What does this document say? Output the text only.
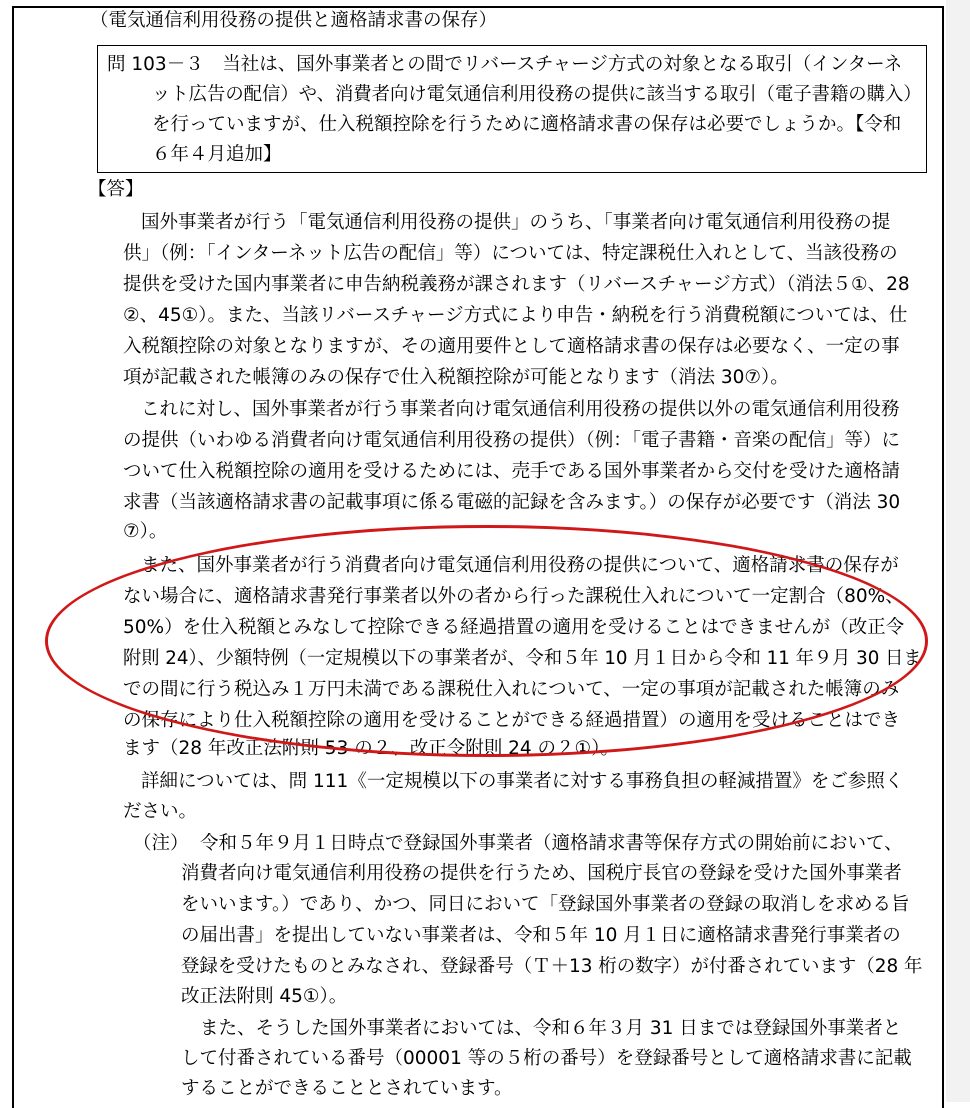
（電気通信利用役務の提供と適格請求書の保存）
問 103－３　当社は、国外事業者との間でリバースチャージ方式の対象となる取引（インターネ
ット広告の配信）や、消費者向け電気通信利用役務の提供に該当する取引（電子書籍の購入）
を行っていますが、仕入税額控除を行うために適格請求書の保存は必要でしょうか。【令和
６年４月追加】
【答】
国外事業者が行う「電気通信利用役務の提供」のうち、「事業者向け電気通信利用役務の提
供」（例：「インターネット広告の配信」等）については、特定課税仕入れとして、当該役務の
提供を受けた国内事業者に申告納税義務が課されます（リバースチャージ方式）（消法５①、28
②、45①）。また、当該リバースチャージ方式により申告・納税を行う消費税額については、仕
入税額控除の対象となりますが、その適用要件として適格請求書の保存は必要なく、一定の事
項が記載された帳簿のみの保存で仕入税額控除が可能となります（消法 30⑦）。
これに対し、国外事業者が行う事業者向け電気通信利用役務の提供以外の電気通信利用役務
の提供（いわゆる消費者向け電気通信利用役務の提供）（例：「電子書籍・音楽の配信」等）に
ついて仕入税額控除の適用を受けるためには、売手である国外事業者から交付を受けた適格請
求書（当該適格請求書の記載事項に係る電磁的記録を含みます。）の保存が必要です（消法 30
⑦）。
また、国外事業者が行う消費者向け電気通信利用役務の提供について、適格請求書の保存が
ない場合に、適格請求書発行事業者以外の者から行った課税仕入れについて一定割合（80%、
50%）を仕入税額とみなして控除できる経過措置の適用を受けることはできませんが（改正令
附則 24）、少額特例（一定規模以下の事業者が、令和５年 10 月１日から令和 11 年９月 30 日ま
での間に行う税込み１万円未満である課税仕入れについて、一定の事項が記載された帳簿のみ
の保存により仕入税額控除の適用を受けることができる経過措置）の適用を受けることはでき
ます（28 年改正法附則 53 の２、改正令附則 24 の２①）。
詳細については、問 111《一定規模以下の事業者に対する事務負担の軽減措置》をご参照く
ださい。
（注） 令和５年９月１日時点で登録国外事業者（適格請求書等保存方式の開始前において、
消費者向け電気通信利用役務の提供を行うため、国税庁長官の登録を受けた国外事業者
をいいます。）であり、かつ、同日において「登録国外事業者の登録の取消しを求める旨
の届出書」を提出していない事業者は、令和５年 10 月１日に適格請求書発行事業者の
登録を受けたものとみなされ、登録番号（Ｔ＋13 桁の数字）が付番されています（28 年
改正法附則 45①）。
また、そうした国外事業者においては、令和６年３月 31 日までは登録国外事業者と
して付番されている番号（00001 等の５桁の番号）を登録番号として適格請求書に記載
することができることとされています。
